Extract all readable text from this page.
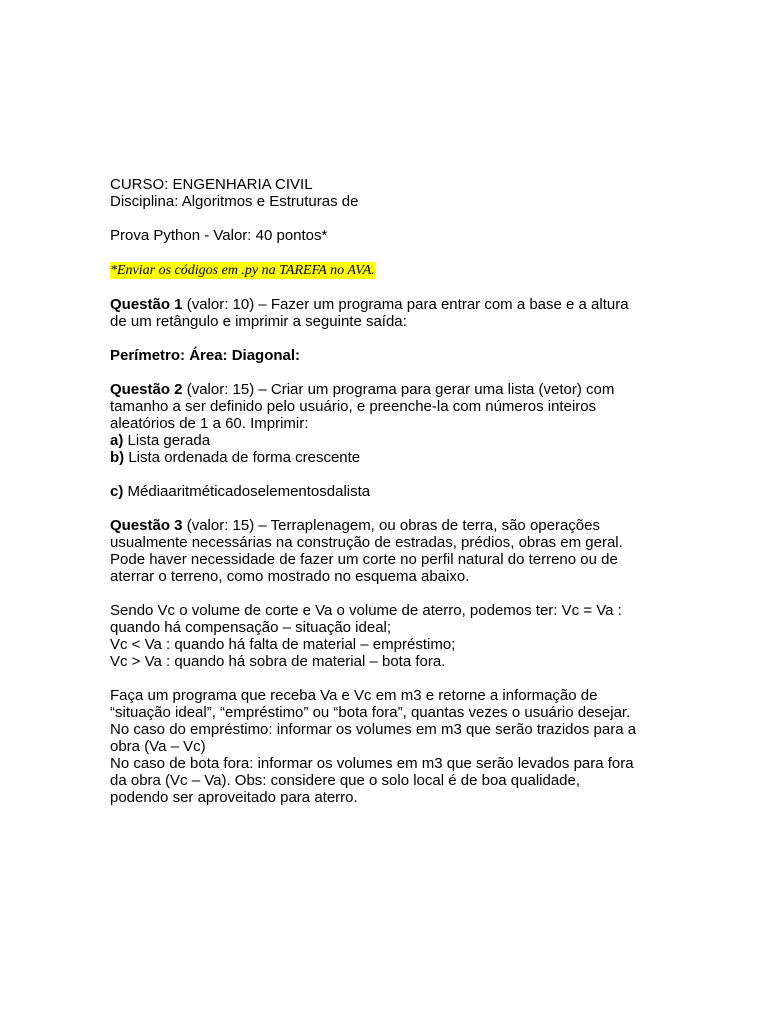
CURSO: ENGENHARIA CIVIL
Disciplina: Algoritmos e Estruturas de
Prova Python - Valor: 40 pontos*
*Enviar os códigos em .py na TAREFA no AVA.
Questão 1 (valor: 10) – Fazer um programa para entrar com a base e a altura
de um retângulo e imprimir a seguinte saída:
Perímetro: Área: Diagonal:
Questão 2 (valor: 15) – Criar um programa para gerar uma lista (vetor) com
tamanho a ser definido pelo usuário, e preenche-la com números inteiros
aleatórios de 1 a 60. Imprimir:
a) Lista gerada
b) Lista ordenada de forma crescente
c) Médiaaritméticadoselementosdalista
Questão 3 (valor: 15) – Terraplenagem, ou obras de terra, são operações
usualmente necessárias na construção de estradas, prédios, obras em geral.
Pode haver necessidade de fazer um corte no perfil natural do terreno ou de
aterrar o terreno, como mostrado no esquema abaixo.
Sendo Vc o volume de corte e Va o volume de aterro, podemos ter: Vc = Va :
quando há compensação – situação ideal;
Vc < Va : quando há falta de material – empréstimo;
Vc > Va : quando há sobra de material – bota fora.
Faça um programa que receba Va e Vc em m3 e retorne a informação de
“situação ideal”, “empréstimo” ou “bota fora”, quantas vezes o usuário desejar.
No caso do empréstimo: informar os volumes em m3 que serão trazidos para a
obra (Va – Vc)
No caso de bota fora: informar os volumes em m3 que serão levados para fora
da obra (Vc – Va). Obs: considere que o solo local é de boa qualidade,
podendo ser aproveitado para aterro.
